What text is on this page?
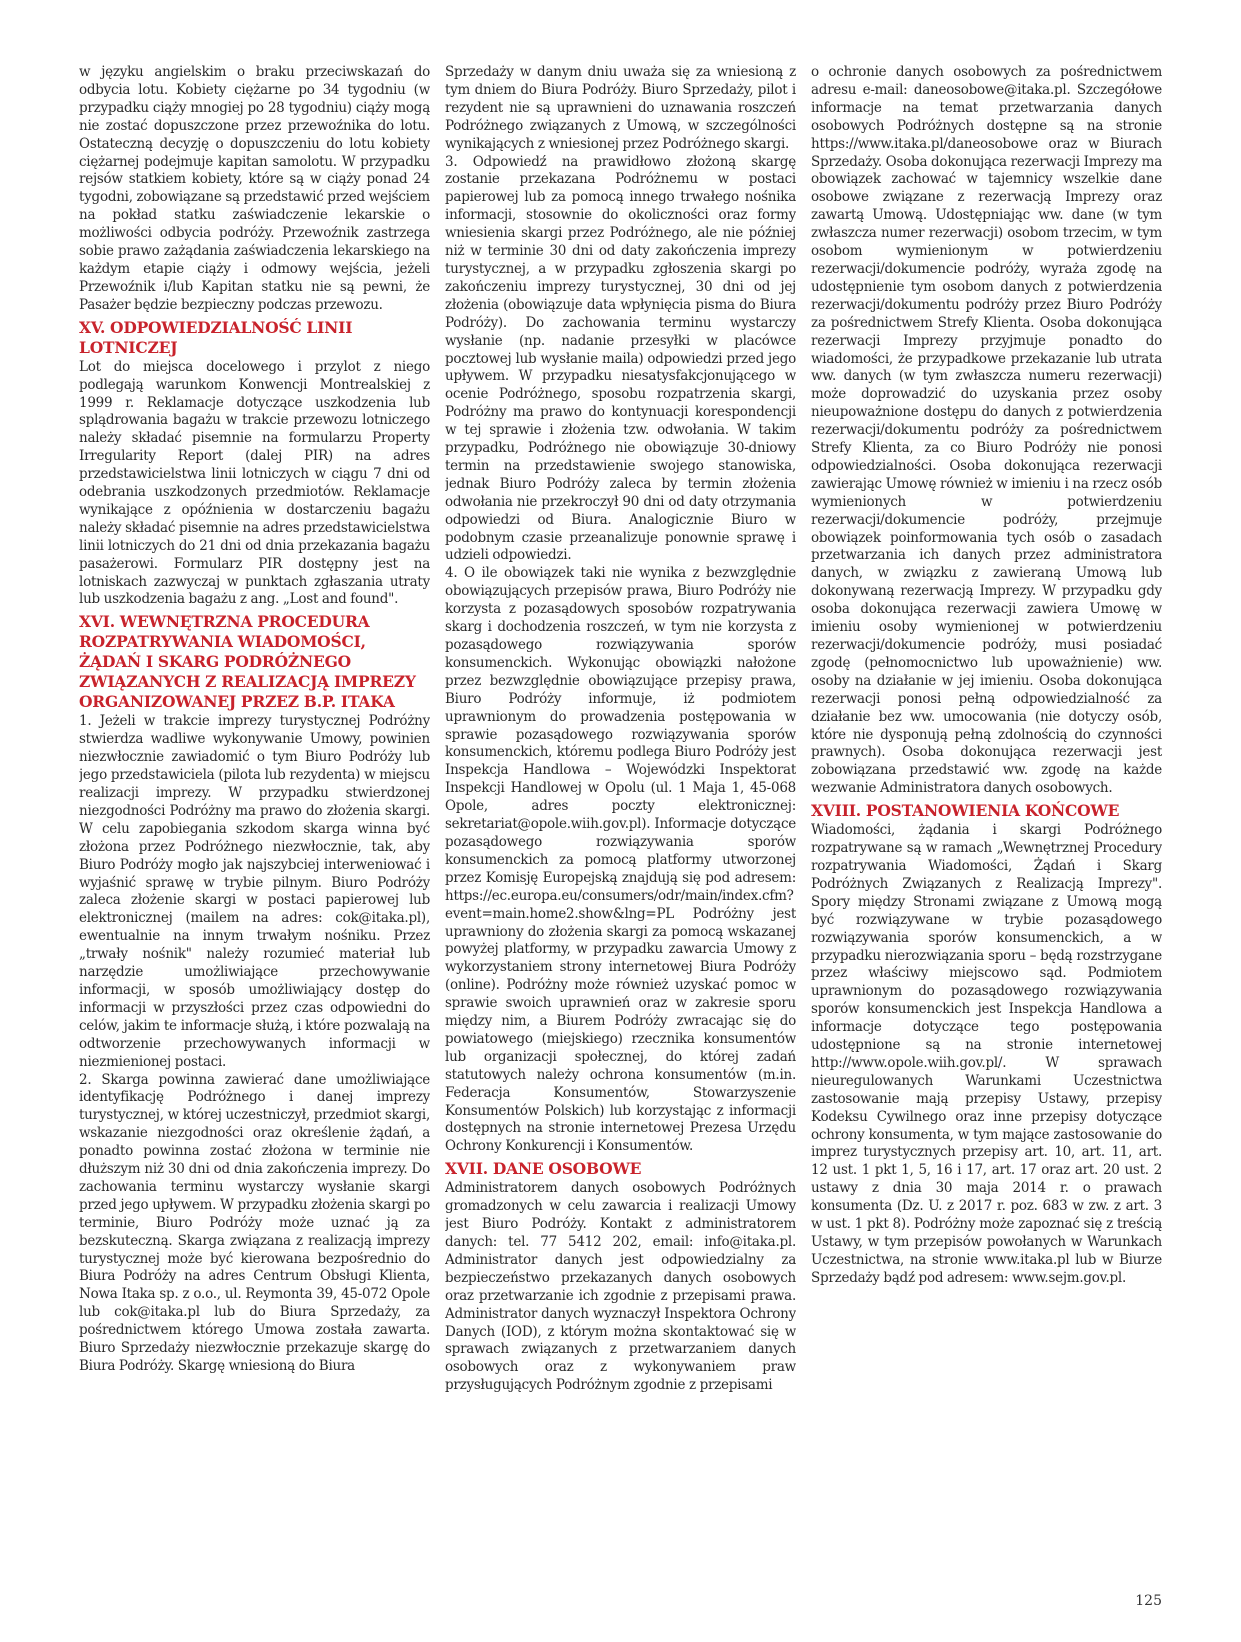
w języku angielskim o braku przeciwskazań do odbycia lotu. Kobiety ciężarne po 34 tygodniu (w przypadku ciąży mnogiej po 28 tygodniu) ciąży mogą nie zostać dopuszczone przez przewoźnika do lotu. Ostateczną decyzję o dopuszczeniu do lotu kobiety ciężarnej podejmuje kapitan samolotu. W przypadku rejsów statkiem kobiety, które są w ciąży ponad 24 tygodni, zobowiązane są przedstawić przed wejściem na pokład statku zaświadczenie lekarskie o możliwości odbycia podróży. Przewoźnik zastrzega sobie prawo zażądania zaświadczenia lekarskiego na każdym etapie ciąży i odmowy wejścia, jeżeli Przewoźnik i/lub Kapitan statku nie są pewni, że Pasażer będzie bezpieczny podczas przewozu.

XV. ODPOWIEDZIALNOŚĆ LINII LOTNICZEJ

Lot do miejsca docelowego i przylot z niego podlegają warunkom Konwencji Montrealskiej z 1999 r. Reklamacje dotyczące uszkodzenia lub splądrowania bagażu w trakcie przewozu lotniczego należy składać pisemnie na formularzu Property Irregularity Report (dalej PIR) na adres przedstawicielstwa linii lotniczych w ciągu 7 dni od odebrania uszkodzonych przedmiotów. Reklamacje wynikające z opóźnienia w dostarczeniu bagażu należy składać pisemnie na adres przedstawicielstwa linii lotniczych do 21 dni od dnia przekazania bagażu pasażerowi. Formularz PIR dostępny jest na lotniskach zazwyczaj w punktach zgłaszania utraty lub uszkodzenia bagażu z ang. „Lost and found".

XVI. WEWNĘTRZNA PROCEDURA ROZPATRYWANIA WIADOMOŚCI, ŻĄDAŃ I SKARG PODRÓŻNEGO ZWIĄZANYCH Z REALIZACJĄ IMPREZY ORGANIZOWANEJ PRZEZ B.P. ITAKA

1. Jeżeli w trakcie imprezy turystycznej Podróżny stwierdza wadliwe wykonywanie Umowy, powinien niezwłocznie zawiadomić o tym Biuro Podróży lub jego przedstawiciela (pilota lub rezydenta) w miejscu realizacji imprezy. W przypadku stwierdzonej niezgodności Podróżny ma prawo do złożenia skargi. W celu zapobiegania szkodom skarga winna być złożona przez Podróżnego niezwłocznie, tak, aby Biuro Podróży mogło jak najszybciej interweniować i wyjaśnić sprawę w trybie pilnym. Biuro Podróży zaleca złożenie skargi w postaci papierowej lub elektronicznej (mailem na adres: cok@itaka.pl), ewentualnie na innym trwałym nośniku. Przez „trwały nośnik" należy rozumieć materiał lub narzędzie umożliwiające przechowywanie informacji, w sposób umożliwiający dostęp do informacji w przyszłości przez czas odpowiedni do celów, jakim te informacje służą, i które pozwalają na odtworzenie przechowywanych informacji w niezmienionej postaci.

2. Skarga powinna zawierać dane umożliwiające identyfikację Podróżnego i danej imprezy turystycznej, w której uczestniczył, przedmiot skargi, wskazanie niezgodności oraz określenie żądań, a ponadto powinna zostać złożona w terminie nie dłuższym niż 30 dni od dnia zakończenia imprezy. Do zachowania terminu wystarczy wysłanie skargi przed jego upływem. W przypadku złożenia skargi po terminie, Biuro Podróży może uznać ją za bezskuteczną. Skarga związana z realizacją imprezy turystycznej może być kierowana bezpośrednio do Biura Podróży na adres Centrum Obsługi Klienta, Nowa Itaka sp. z o.o., ul. Reymonta 39, 45-072 Opole lub cok@itaka.pl lub do Biura Sprzedaży, za pośrednictwem którego Umowa została zawarta. Biuro Sprzedaży niezwłocznie przekazuje skargę do Biura Podróży. Skargę wniesioną do Biura

Sprzedaży w danym dniu uważa się za wniesioną z tym dniem do Biura Podróży. Biuro Sprzedaży, pilot i rezydent nie są uprawnieni do uznawania roszczeń Podróżnego związanych z Umową, w szczególności wynikających z wniesionej przez Podróżnego skargi.

3. Odpowiedź na prawidłowo złożoną skargę zostanie przekazana Podróżnemu w postaci papierowej lub za pomocą innego trwałego nośnika informacji, stosownie do okoliczności oraz formy wniesienia skargi przez Podróżnego, ale nie później niż w terminie 30 dni od daty zakończenia imprezy turystycznej, a w przypadku zgłoszenia skargi po zakończeniu imprezy turystycznej, 30 dni od jej złożenia (obowiązuje data wpłynięcia pisma do Biura Podróży). Do zachowania terminu wystarczy wysłanie (np. nadanie przesyłki w placówce pocztowej lub wysłanie maila) odpowiedzi przed jego upływem. W przypadku niesatysfakcjonującego w ocenie Podróżnego, sposobu rozpatrzenia skargi, Podróżny ma prawo do kontynuacji korespondencji w tej sprawie i złożenia tzw. odwołania. W takim przypadku, Podróżnego nie obowiązuje 30-dniowy termin na przedstawienie swojego stanowiska, jednak Biuro Podróży zaleca by termin złożenia odwołania nie przekroczył 90 dni od daty otrzymania odpowiedzi od Biura. Analogicznie Biuro w podobnym czasie przeanalizuje ponownie sprawę i udzieli odpowiedzi.

4. O ile obowiązek taki nie wynika z bezwzględnie obowiązujących przepisów prawa, Biuro Podróży nie korzysta z pozasądowych sposobów rozpatrywania skarg i dochodzenia roszczeń, w tym nie korzysta z pozasądowego rozwiązywania sporów konsumenckich. Wykonując obowiązki nałożone przez bezwzględnie obowiązujące przepisy prawa, Biuro Podróży informuje, iż podmiotem uprawnionym do prowadzenia postępowania w sprawie pozasądowego rozwiązywania sporów konsumenckich, któremu podlega Biuro Podróży jest Inspekcja Handlowa – Wojewódzki Inspektorat Inspekcji Handlowej w Opolu (ul. 1 Maja 1, 45-068 Opole, adres poczty elektronicznej: sekretariat@opole.wiih.gov.pl). Informacje dotyczące pozasądowego rozwiązywania sporów konsumenckich za pomocą platformy utworzonej przez Komisję Europejską znajdują się pod adresem: https://ec.europa.eu/consumers/odr/main/index.cfm?event=main.home2.show&lng=PL Podróżny jest uprawniony do złożenia skargi za pomocą wskazanej powyżej platformy, w przypadku zawarcia Umowy z wykorzystaniem strony internetowej Biura Podróży (online). Podróżny może również uzyskać pomoc w sprawie swoich uprawnień oraz w zakresie sporu między nim, a Biurem Podróży zwracając się do powiatowego (miejskiego) rzecznika konsumentów lub organizacji społecznej, do której zadań statutowych należy ochrona konsumentów (m.in. Federacja Konsumentów, Stowarzyszenie Konsumentów Polskich) lub korzystając z informacji dostępnych na stronie internetowej Prezesa Urzędu Ochrony Konkurencji i Konsumentów.

XVII. DANE OSOBOWE

Administratorem danych osobowych Podróżnych gromadzonych w celu zawarcia i realizacji Umowy jest Biuro Podróży. Kontakt z administratorem danych: tel. 77 5412 202, email: info@itaka.pl. Administrator danych jest odpowiedzialny za bezpieczeństwo przekazanych danych osobowych oraz przetwarzanie ich zgodnie z przepisami prawa. Administrator danych wyznaczył Inspektora Ochrony Danych (IOD), z którym można skontaktować się w sprawach związanych z przetwarzaniem danych osobowych oraz z wykonywaniem praw przysługujących Podróżnym zgodnie z przepisami

o ochronie danych osobowych za pośrednictwem adresu e-mail: daneosobowe@itaka.pl. Szczegółowe informacje na temat przetwarzania danych osobowych Podróżnych dostępne są na stronie https://www.itaka.pl/daneosobowe oraz w Biurach Sprzedaży. Osoba dokonująca rezerwacji Imprezy ma obowiązek zachować w tajemnicy wszelkie dane osobowe związane z rezerwacją Imprezy oraz zawartą Umową. Udostępniając ww. dane (w tym zwłaszcza numer rezerwacji) osobom trzecim, w tym osobom wymienionym w potwierdzeniu rezerwacji/dokumencie podróży, wyraża zgodę na udostępnienie tym osobom danych z potwierdzenia rezerwacji/dokumentu podróży przez Biuro Podróży za pośrednictwem Strefy Klienta. Osoba dokonująca rezerwacji Imprezy przyjmuje ponadto do wiadomości, że przypadkowe przekazanie lub utrata ww. danych (w tym zwłaszcza numeru rezerwacji) może doprowadzić do uzyskania przez osoby nieupoważnione dostępu do danych z potwierdzenia rezerwacji/dokumentu podróży za pośrednictwem Strefy Klienta, za co Biuro Podróży nie ponosi odpowiedzialności. Osoba dokonująca rezerwacji zawierając Umowę również w imieniu i na rzecz osób wymienionych w potwierdzeniu rezerwacji/dokumencie podróży, przejmuje obowiązek poinformowania tych osób o zasadach przetwarzania ich danych przez administratora danych, w związku z zawieraną Umową lub dokonywaną rezerwacją Imprezy. W przypadku gdy osoba dokonująca rezerwacji zawiera Umowę w imieniu osoby wymienionej w potwierdzeniu rezerwacji/dokumencie podróży, musi posiadać zgodę (pełnomocnictwo lub upoważnienie) ww. osoby na działanie w jej imieniu. Osoba dokonująca rezerwacji ponosi pełną odpowiedzialność za działanie bez ww. umocowania (nie dotyczy osób, które nie dysponują pełną zdolnością do czynności prawnych). Osoba dokonująca rezerwacji jest zobowiązana przedstawić ww. zgodę na każde wezwanie Administratora danych osobowych.

XVIII. POSTANOWIENIA KOŃCOWE

Wiadomości, żądania i skargi Podróżnego rozpatrywane są w ramach „Wewnętrznej Procedury rozpatrywania Wiadomości, Żądań i Skarg Podróżnych Związanych z Realizacją Imprezy". Spory między Stronami związane z Umową mogą być rozwiązywane w trybie pozasądowego rozwiązywania sporów konsumenckich, a w przypadku nierozwiązania sporu – będą rozstrzygane przez właściwy miejscowo sąd. Podmiotem uprawnionym do pozasądowego rozwiązywania sporów konsumenckich jest Inspekcja Handlowa a informacje dotyczące tego postępowania udostępnione są na stronie internetowej http://www.opole.wiih.gov.pl/. W sprawach nieuregulowanych Warunkami Uczestnictwa zastosowanie mają przepisy Ustawy, przepisy Kodeksu Cywilnego oraz inne przepisy dotyczące ochrony konsumenta, w tym mające zastosowanie do imprez turystycznych przepisy art. 10, art. 11, art. 12 ust. 1 pkt 1, 5, 16 i 17, art. 17 oraz art. 20 ust. 2 ustawy z dnia 30 maja 2014 r. o prawach konsumenta (Dz. U. z 2017 r. poz. 683 w zw. z art. 3 w ust. 1 pkt 8). Podróżny może zapoznać się z treścią Ustawy, w tym przepisów powołanych w Warunkach Uczestnictwa, na stronie www.itaka.pl lub w Biurze Sprzedaży bądź pod adresem: www.sejm.gov.pl.

125
